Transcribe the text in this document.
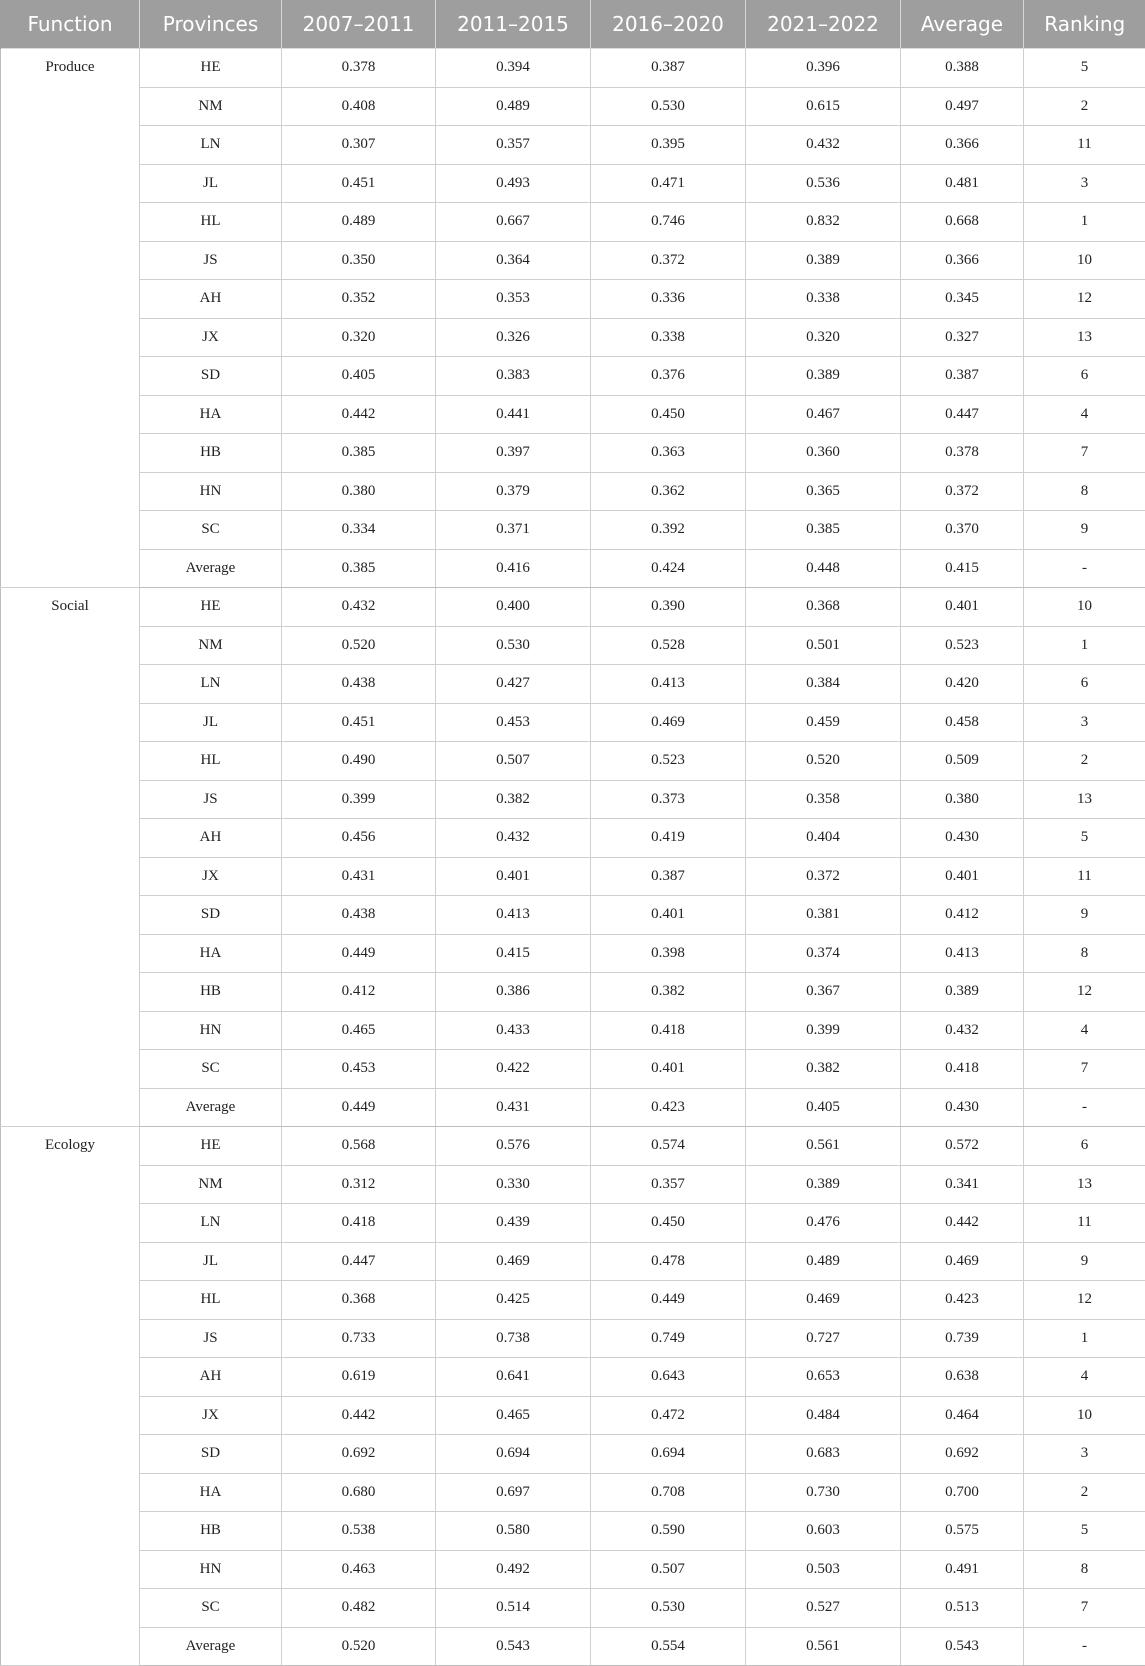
Function	Provinces	2007–2011	2011–2015	2016–2020	2021–2022	Average	Ranking
Produce	HE	0.378	0.394	0.387	0.396	0.388	5
	NM	0.408	0.489	0.530	0.615	0.497	2
	LN	0.307	0.357	0.395	0.432	0.366	11
	JL	0.451	0.493	0.471	0.536	0.481	3
	HL	0.489	0.667	0.746	0.832	0.668	1
	JS	0.350	0.364	0.372	0.389	0.366	10
	AH	0.352	0.353	0.336	0.338	0.345	12
	JX	0.320	0.326	0.338	0.320	0.327	13
	SD	0.405	0.383	0.376	0.389	0.387	6
	HA	0.442	0.441	0.450	0.467	0.447	4
	HB	0.385	0.397	0.363	0.360	0.378	7
	HN	0.380	0.379	0.362	0.365	0.372	8
	SC	0.334	0.371	0.392	0.385	0.370	9
	Average	0.385	0.416	0.424	0.448	0.415	-
Social	HE	0.432	0.400	0.390	0.368	0.401	10
	NM	0.520	0.530	0.528	0.501	0.523	1
	LN	0.438	0.427	0.413	0.384	0.420	6
	JL	0.451	0.453	0.469	0.459	0.458	3
	HL	0.490	0.507	0.523	0.520	0.509	2
	JS	0.399	0.382	0.373	0.358	0.380	13
	AH	0.456	0.432	0.419	0.404	0.430	5
	JX	0.431	0.401	0.387	0.372	0.401	11
	SD	0.438	0.413	0.401	0.381	0.412	9
	HA	0.449	0.415	0.398	0.374	0.413	8
	HB	0.412	0.386	0.382	0.367	0.389	12
	HN	0.465	0.433	0.418	0.399	0.432	4
	SC	0.453	0.422	0.401	0.382	0.418	7
	Average	0.449	0.431	0.423	0.405	0.430	-
Ecology	HE	0.568	0.576	0.574	0.561	0.572	6
	NM	0.312	0.330	0.357	0.389	0.341	13
	LN	0.418	0.439	0.450	0.476	0.442	11
	JL	0.447	0.469	0.478	0.489	0.469	9
	HL	0.368	0.425	0.449	0.469	0.423	12
	JS	0.733	0.738	0.749	0.727	0.739	1
	AH	0.619	0.641	0.643	0.653	0.638	4
	JX	0.442	0.465	0.472	0.484	0.464	10
	SD	0.692	0.694	0.694	0.683	0.692	3
	HA	0.680	0.697	0.708	0.730	0.700	2
	HB	0.538	0.580	0.590	0.603	0.575	5
	HN	0.463	0.492	0.507	0.503	0.491	8
	SC	0.482	0.514	0.530	0.527	0.513	7
	Average	0.520	0.543	0.554	0.561	0.543	-
